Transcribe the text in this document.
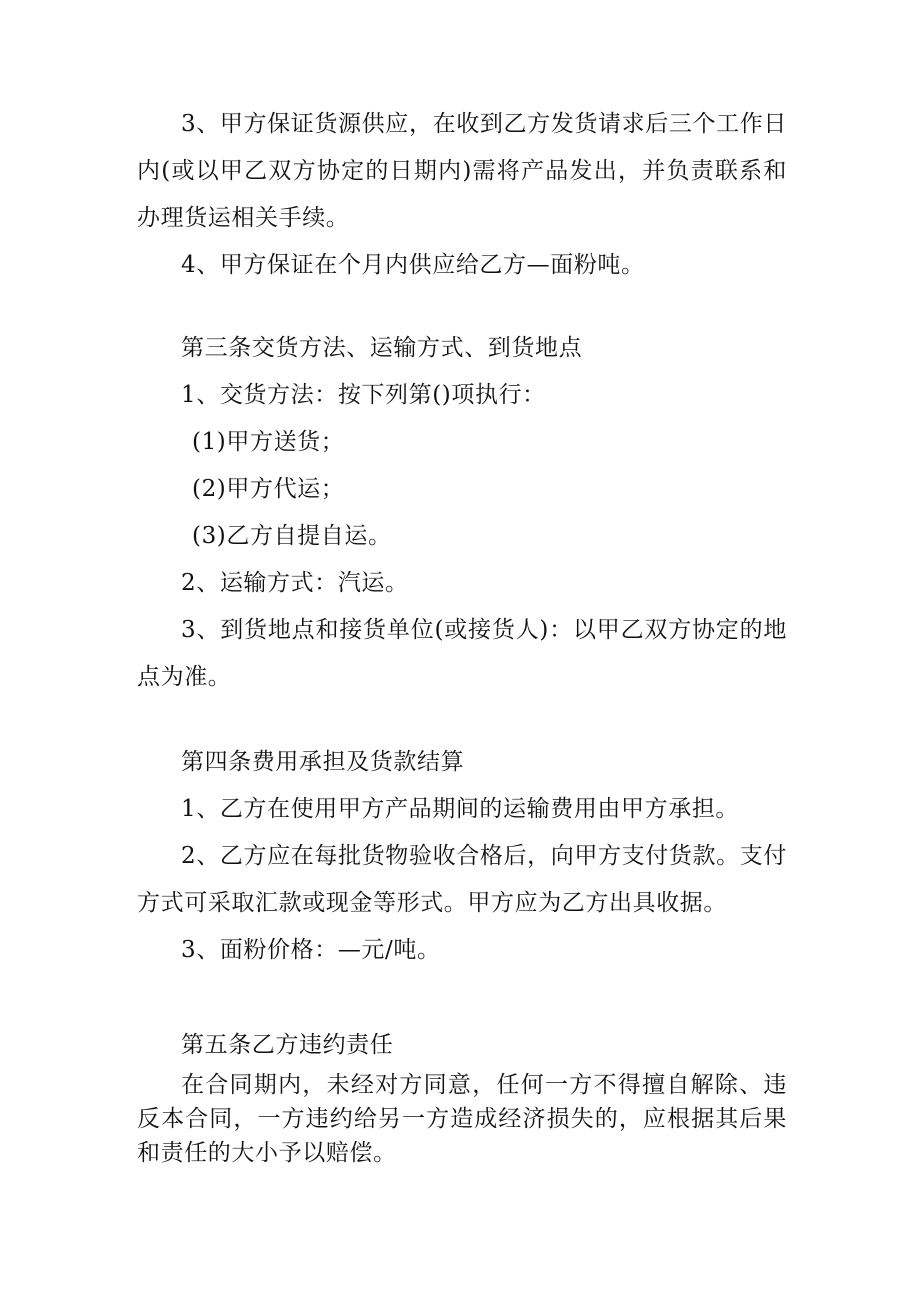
3、甲方保证货源供应，在收到乙方发货请求后三个工作日内(或以甲乙双方协定的日期内)需将产品发出，并负责联系和办理货运相关手续。

4、甲方保证在个月内供应给乙方—面粉吨。

第三条交货方法、运输方式、到货地点

1、交货方法：按下列第()项执行：

(1)甲方送货；

(2)甲方代运；

(3)乙方自提自运。

2、运输方式：汽运。

3、到货地点和接货单位(或接货人)：以甲乙双方协定的地点为准。

第四条费用承担及货款结算

1、乙方在使用甲方产品期间的运输费用由甲方承担。

2、乙方应在每批货物验收合格后，向甲方支付货款。支付方式可采取汇款或现金等形式。甲方应为乙方出具收据。

3、面粉价格：—元/吨。

第五条乙方违约责任

在合同期内，未经对方同意，任何一方不得擅自解除、违反本合同，一方违约给另一方造成经济损失的，应根据其后果和责任的大小予以赔偿。
